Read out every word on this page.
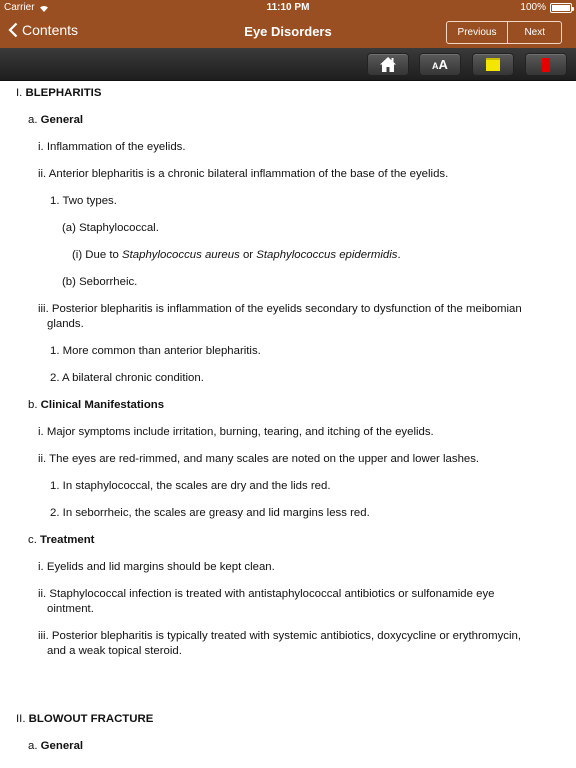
Carrier	11:10 PM	100%
Contents	Eye Disorders	Previous	Next
AA

I. BLEPHARITIS

a. General

i. Inflammation of the eyelids.

ii. Anterior blepharitis is a chronic bilateral inflammation of the base of the eyelids.

1. Two types.

(a) Staphylococcal.

(i) Due to Staphylococcus aureus or Staphylococcus epidermidis.

(b) Seborrheic.

iii. Posterior blepharitis is inflammation of the eyelids secondary to dysfunction of the meibomian

glands.

1. More common than anterior blepharitis.

2. A bilateral chronic condition.

b. Clinical Manifestations

i. Major symptoms include irritation, burning, tearing, and itching of the eyelids.

ii. The eyes are red-rimmed, and many scales are noted on the upper and lower lashes.

1. In staphylococcal, the scales are dry and the lids red.

2. In seborrheic, the scales are greasy and lid margins less red.

c. Treatment

i. Eyelids and lid margins should be kept clean.

ii. Staphylococcal infection is treated with antistaphylococcal antibiotics or sulfonamide eye

ointment.

iii. Posterior blepharitis is typically treated with systemic antibiotics, doxycycline or erythromycin,

and a weak topical steroid.

II. BLOWOUT FRACTURE

a. General
